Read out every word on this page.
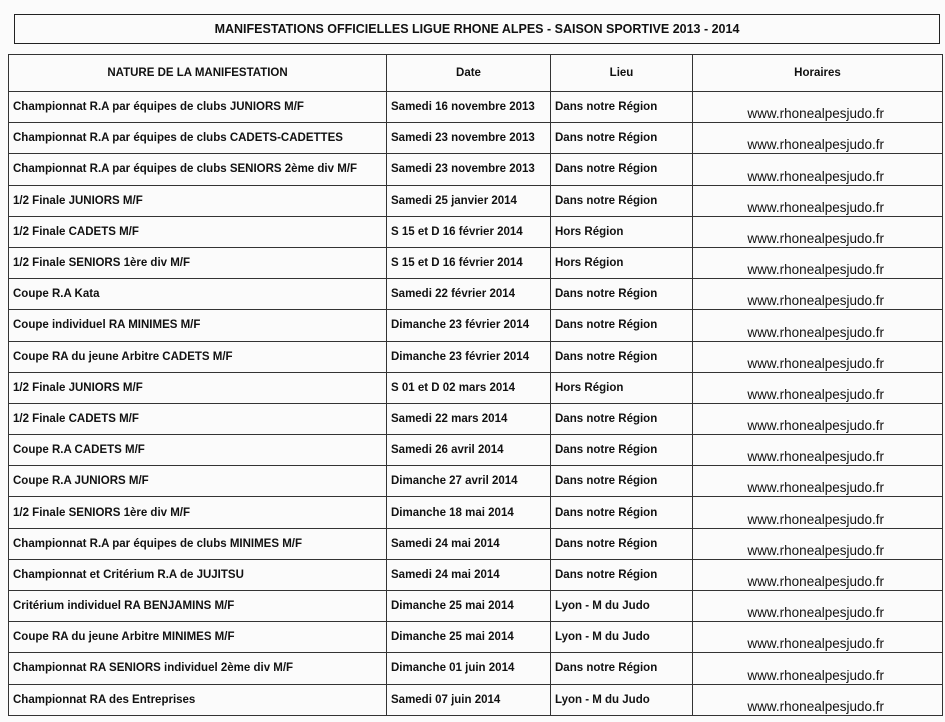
MANIFESTATIONS OFFICIELLES LIGUE RHONE ALPES - SAISON SPORTIVE 2013 - 2014
NATURE DE LA MANIFESTATION	Date	Lieu	Horaires
Championnat R.A par équipes de clubs JUNIORS M/F	Samedi 16 novembre 2013	Dans notre Région	www.rhonealpesjudo.fr
Championnat R.A par équipes de clubs CADETS-CADETTES	Samedi 23 novembre 2013	Dans notre Région	www.rhonealpesjudo.fr
Championnat R.A par équipes de clubs SENIORS 2ème div M/F	Samedi 23 novembre 2013	Dans notre Région	www.rhonealpesjudo.fr
1/2 Finale JUNIORS M/F	Samedi 25 janvier 2014	Dans notre Région	www.rhonealpesjudo.fr
1/2 Finale CADETS M/F	S 15 et D 16 février 2014	Hors Région	www.rhonealpesjudo.fr
1/2 Finale SENIORS 1ère div M/F	S 15 et D 16 février 2014	Hors Région	www.rhonealpesjudo.fr
Coupe R.A Kata	Samedi 22 février 2014	Dans notre Région	www.rhonealpesjudo.fr
Coupe individuel RA MINIMES M/F	Dimanche 23 février 2014	Dans notre Région	www.rhonealpesjudo.fr
Coupe RA du jeune Arbitre CADETS M/F	Dimanche 23 février 2014	Dans notre Région	www.rhonealpesjudo.fr
1/2 Finale JUNIORS M/F	S 01 et D 02 mars 2014	Hors Région	www.rhonealpesjudo.fr
1/2 Finale CADETS M/F	Samedi 22 mars 2014	Dans notre Région	www.rhonealpesjudo.fr
Coupe R.A CADETS M/F	Samedi 26 avril 2014	Dans notre Région	www.rhonealpesjudo.fr
Coupe R.A JUNIORS M/F	Dimanche 27 avril 2014	Dans notre Région	www.rhonealpesjudo.fr
1/2 Finale SENIORS 1ère div M/F	Dimanche 18 mai 2014	Dans notre Région	www.rhonealpesjudo.fr
Championnat R.A par équipes de clubs MINIMES M/F	Samedi 24 mai 2014	Dans notre Région	www.rhonealpesjudo.fr
Championnat et Critérium R.A de JUJITSU	Samedi 24 mai 2014	Dans notre Région	www.rhonealpesjudo.fr
Critérium individuel RA BENJAMINS M/F	Dimanche 25 mai 2014	Lyon - M du Judo	www.rhonealpesjudo.fr
Coupe RA du jeune Arbitre MINIMES M/F	Dimanche 25 mai 2014	Lyon - M du Judo	www.rhonealpesjudo.fr
Championnat RA SENIORS individuel 2ème div M/F	Dimanche 01 juin 2014	Dans notre Région	www.rhonealpesjudo.fr
Championnat RA des Entreprises	Samedi 07 juin 2014	Lyon - M du Judo	www.rhonealpesjudo.fr
